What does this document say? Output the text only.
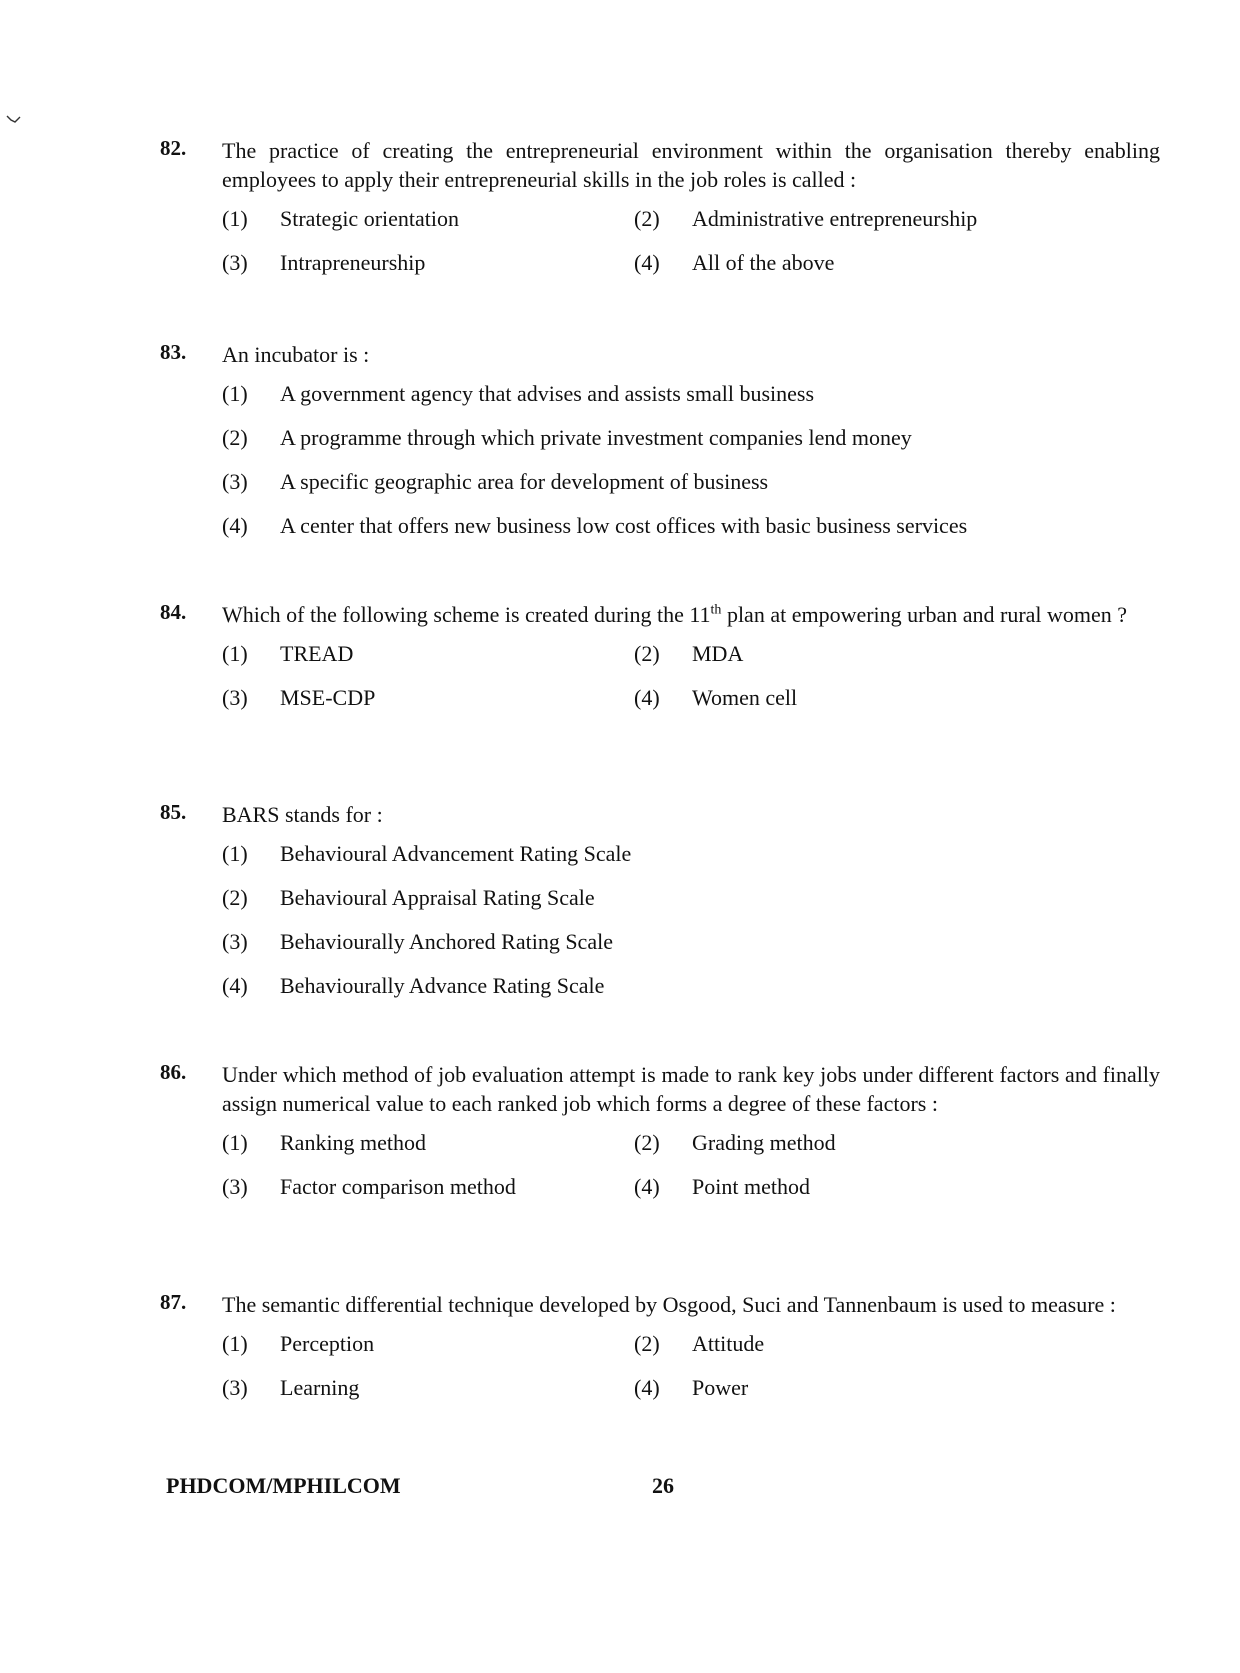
82. The practice of creating the entrepreneurial environment within the organisation thereby enabling employees to apply their entrepreneurial skills in the job roles is called :
(1) Strategic orientation	(2) Administrative entrepreneurship
(3) Intrapreneurship	(4) All of the above
83. An incubator is :
(1) A government agency that advises and assists small business
(2) A programme through which private investment companies lend money
(3) A specific geographic area for development of business
(4) A center that offers new business low cost offices with basic business services
84. Which of the following scheme is created during the 11th plan at empowering urban and rural women ?
(1) TREAD	(2) MDA
(3) MSE-CDP	(4) Women cell
85. BARS stands for :
(1) Behavioural Advancement Rating Scale
(2) Behavioural Appraisal Rating Scale
(3) Behaviourally Anchored Rating Scale
(4) Behaviourally Advance Rating Scale
86. Under which method of job evaluation attempt is made to rank key jobs under different factors and finally assign numerical value to each ranked job which forms a degree of these factors :
(1) Ranking method	(2) Grading method
(3) Factor comparison method	(4) Point method
87. The semantic differential technique developed by Osgood, Suci and Tannenbaum is used to measure :
(1) Perception	(2) Attitude
(3) Learning	(4) Power
PHDCOM/MPHILCOM	26
